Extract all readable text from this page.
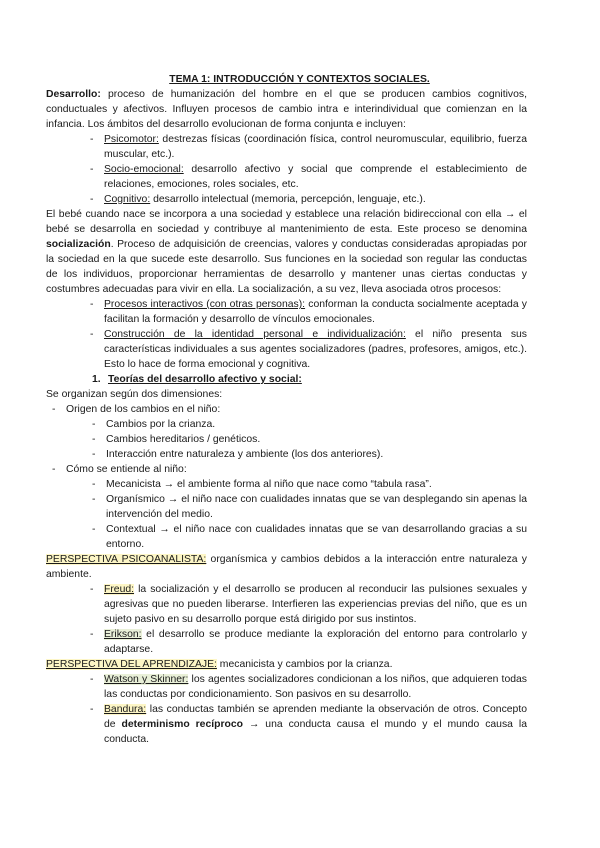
TEMA 1: INTRODUCCIÓN Y CONTEXTOS SOCIALES.

Desarrollo: proceso de humanización del hombre en el que se producen cambios cognitivos, conductuales y afectivos. Influyen procesos de cambio intra e interindividual que comienzan en la infancia. Los ámbitos del desarrollo evolucionan de forma conjunta e incluyen:

- Psicomotor: destrezas físicas (coordinación física, control neuromuscular, equilibrio, fuerza muscular, etc.).
- Socio-emocional: desarrollo afectivo y social que comprende el establecimiento de relaciones, emociones, roles sociales, etc.
- Cognitivo: desarrollo intelectual (memoria, percepción, lenguaje, etc.).

El bebé cuando nace se incorpora a una sociedad y establece una relación bidireccional con ella → el bebé se desarrolla en sociedad y contribuye al mantenimiento de esta. Este proceso se denomina socialización. Proceso de adquisición de creencias, valores y conductas consideradas apropiadas por la sociedad en la que sucede este desarrollo. Sus funciones en la sociedad son regular las conductas de los individuos, proporcionar herramientas de desarrollo y mantener unas ciertas conductas y costumbres adecuadas para vivir en ella. La socialización, a su vez, lleva asociada otros procesos:

- Procesos interactivos (con otras personas): conforman la conducta socialmente aceptada y facilitan la formación y desarrollo de vínculos emocionales.
- Construcción de la identidad personal e individualización: el niño presenta sus características individuales a sus agentes socializadores (padres, profesores, amigos, etc.). Esto lo hace de forma emocional y cognitiva.

1. Teorías del desarrollo afectivo y social:

Se organizan según dos dimensiones:

- Origen de los cambios en el niño:
- Cambios por la crianza.
- Cambios hereditarios / genéticos.
- Interacción entre naturaleza y ambiente (los dos anteriores).
- Cómo se entiende al niño:
- Mecanicista → el ambiente forma al niño que nace como “tabula rasa”.
- Organísmico → el niño nace con cualidades innatas que se van desplegando sin apenas la intervención del medio.
- Contextual → el niño nace con cualidades innatas que se van desarrollando gracias a su entorno.

PERSPECTIVA PSICOANALISTA: organísmica y cambios debidos a la interacción entre naturaleza y ambiente.

- Freud: la socialización y el desarrollo se producen al reconducir las pulsiones sexuales y agresivas que no pueden liberarse. Interfieren las experiencias previas del niño, que es un sujeto pasivo en su desarrollo porque está dirigido por sus instintos.
- Erikson: el desarrollo se produce mediante la exploración del entorno para controlarlo y adaptarse.

PERSPECTIVA DEL APRENDIZAJE: mecanicista y cambios por la crianza.

- Watson y Skinner: los agentes socializadores condicionan a los niños, que adquieren todas las conductas por condicionamiento. Son pasivos en su desarrollo.
- Bandura: las conductas también se aprenden mediante la observación de otros. Concepto de determinismo recíproco → una conducta causa el mundo y el mundo causa la conducta.
